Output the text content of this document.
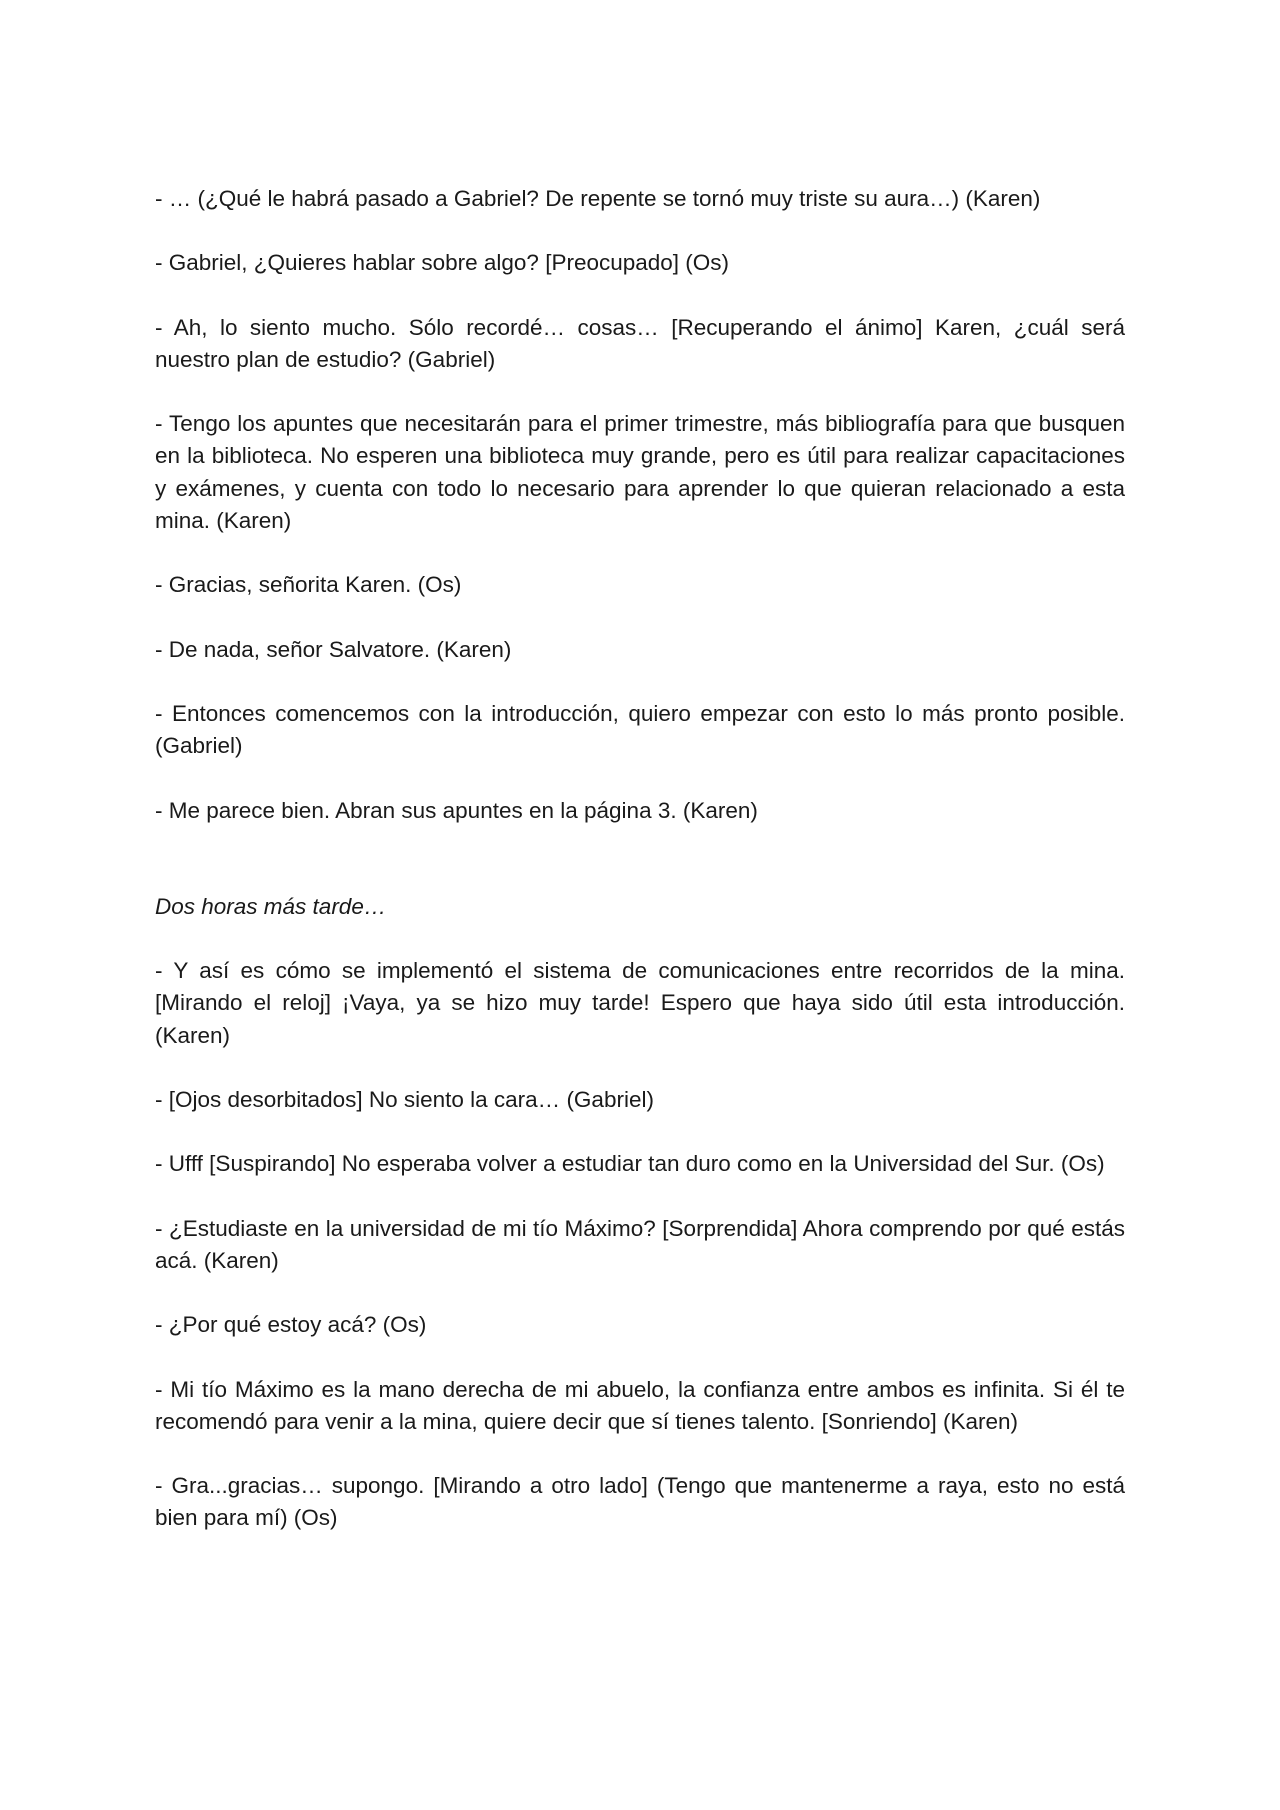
- … (¿Qué le habrá pasado a Gabriel? De repente se tornó muy triste su aura…) (Karen)

- Gabriel, ¿Quieres hablar sobre algo? [Preocupado] (Os)

- Ah, lo siento mucho. Sólo recordé… cosas… [Recuperando el ánimo] Karen, ¿cuál será nuestro plan de estudio? (Gabriel)

- Tengo los apuntes que necesitarán para el primer trimestre, más bibliografía para que busquen en la biblioteca. No esperen una biblioteca muy grande, pero es útil para realizar capacitaciones y exámenes, y cuenta con todo lo necesario para aprender lo que quieran relacionado a esta mina. (Karen)

- Gracias, señorita Karen. (Os)

- De nada, señor Salvatore. (Karen)

- Entonces comencemos con la introducción, quiero empezar con esto lo más pronto posible. (Gabriel)

- Me parece bien. Abran sus apuntes en la página 3. (Karen)

Dos horas más tarde…

- Y así es cómo se implementó el sistema de comunicaciones entre recorridos de la mina. [Mirando el reloj] ¡Vaya, ya se hizo muy tarde! Espero que haya sido útil esta introducción. (Karen)

- [Ojos desorbitados] No siento la cara… (Gabriel)

- Ufff [Suspirando] No esperaba volver a estudiar tan duro como en la Universidad del Sur. (Os)

- ¿Estudiaste en la universidad de mi tío Máximo? [Sorprendida] Ahora comprendo por qué estás acá. (Karen)

- ¿Por qué estoy acá? (Os)

- Mi tío Máximo es la mano derecha de mi abuelo, la confianza entre ambos es infinita. Si él te recomendó para venir a la mina, quiere decir que sí tienes talento. [Sonriendo] (Karen)

- Gra...gracias… supongo. [Mirando a otro lado] (Tengo que mantenerme a raya, esto no está bien para mí) (Os)
